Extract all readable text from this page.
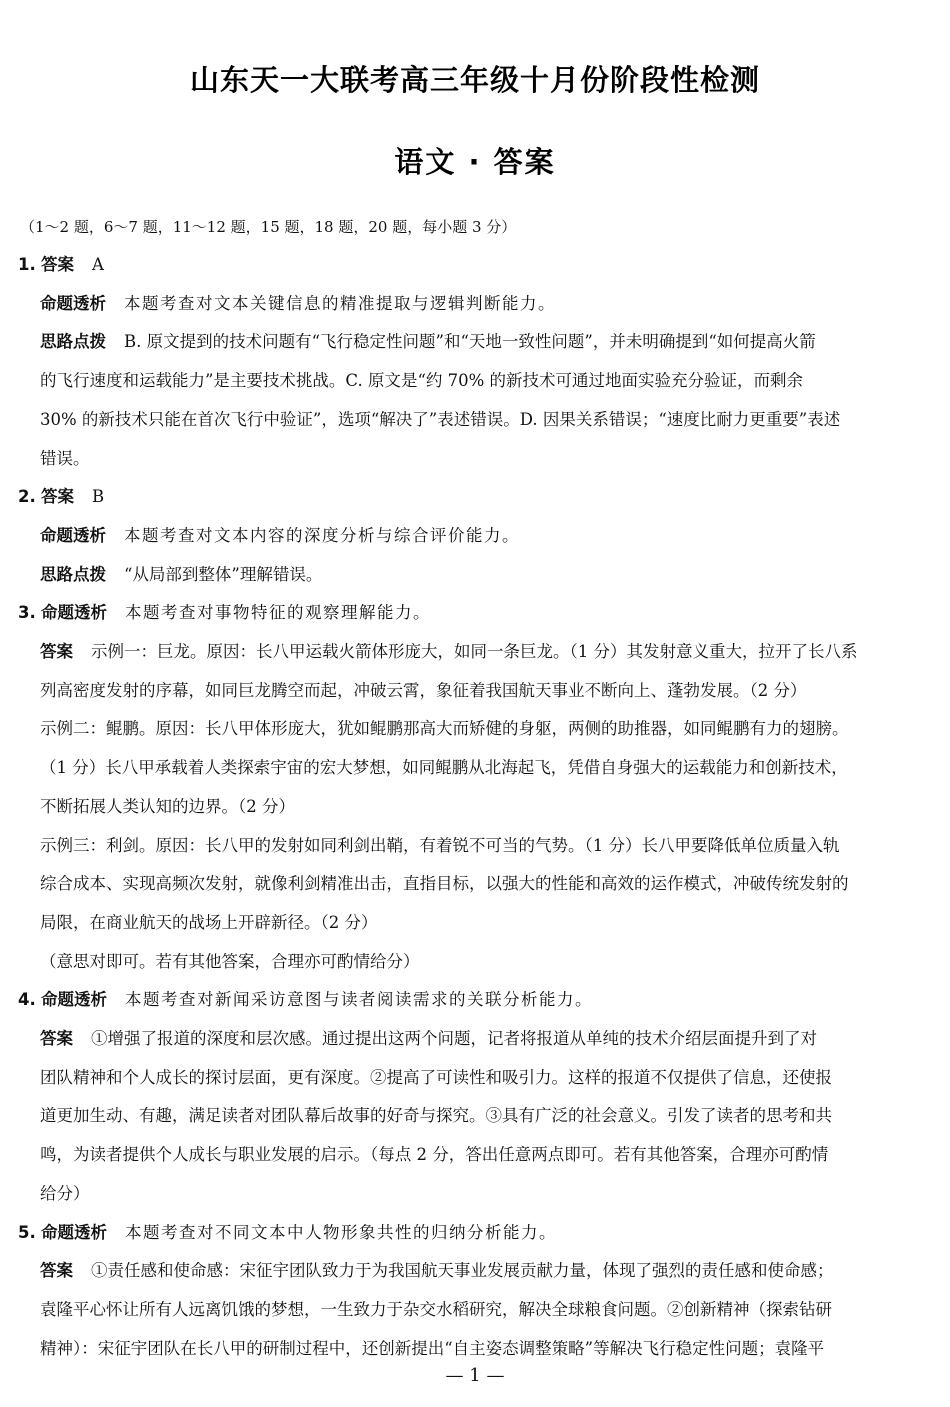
山东天一大联考高三年级十月份阶段性检测
语文 · 答案
（1～2 题，6～7 题，11～12 题，15 题，18 题，20 题，每小题 3 分）
1. 答案 A
命题透析 本题考查对文本关键信息的精准提取与逻辑判断能力。
思路点拨 B. 原文提到的技术问题有“飞行稳定性问题”和“天地一致性问题”，并未明确提到“如何提高火箭
的飞行速度和运载能力”是主要技术挑战。C. 原文是“约 70% 的新技术可通过地面实验充分验证，而剩余
30% 的新技术只能在首次飞行中验证”，选项“解决了”表述错误。D. 因果关系错误；“速度比耐力更重要”表述
错误。
2. 答案 B
命题透析 本题考查对文本内容的深度分析与综合评价能力。
思路点拨 “从局部到整体”理解错误。
3. 命题透析 本题考查对事物特征的观察理解能力。
答案 示例一：巨龙。原因：长八甲运载火箭体形庞大，如同一条巨龙。（1 分）其发射意义重大，拉开了长八系
列高密度发射的序幕，如同巨龙腾空而起，冲破云霄，象征着我国航天事业不断向上、蓬勃发展。（2 分）
示例二：鲲鹏。原因：长八甲体形庞大，犹如鲲鹏那高大而矫健的身躯，两侧的助推器，如同鲲鹏有力的翅膀。
（1 分）长八甲承载着人类探索宇宙的宏大梦想，如同鲲鹏从北海起飞，凭借自身强大的运载能力和创新技术，
不断拓展人类认知的边界。（2 分）
示例三：利剑。原因：长八甲的发射如同利剑出鞘，有着锐不可当的气势。（1 分）长八甲要降低单位质量入轨
综合成本、实现高频次发射，就像利剑精准出击，直指目标，以强大的性能和高效的运作模式，冲破传统发射的
局限，在商业航天的战场上开辟新径。（2 分）
（意思对即可。若有其他答案，合理亦可酌情给分）
4. 命题透析 本题考查对新闻采访意图与读者阅读需求的关联分析能力。
答案 ①增强了报道的深度和层次感。通过提出这两个问题，记者将报道从单纯的技术介绍层面提升到了对
团队精神和个人成长的探讨层面，更有深度。②提高了可读性和吸引力。这样的报道不仅提供了信息，还使报
道更加生动、有趣，满足读者对团队幕后故事的好奇与探究。③具有广泛的社会意义。引发了读者的思考和共
鸣，为读者提供个人成长与职业发展的启示。（每点 2 分，答出任意两点即可。若有其他答案，合理亦可酌情
给分）
5. 命题透析 本题考查对不同文本中人物形象共性的归纳分析能力。
答案 ①责任感和使命感：宋征宇团队致力于为我国航天事业发展贡献力量，体现了强烈的责任感和使命感；
袁隆平心怀让所有人远离饥饿的梦想，一生致力于杂交水稻研究，解决全球粮食问题。②创新精神（探索钻研
精神）：宋征宇团队在长八甲的研制过程中，还创新提出“自主姿态调整策略”等解决飞行稳定性问题；袁隆平
— 1 —
